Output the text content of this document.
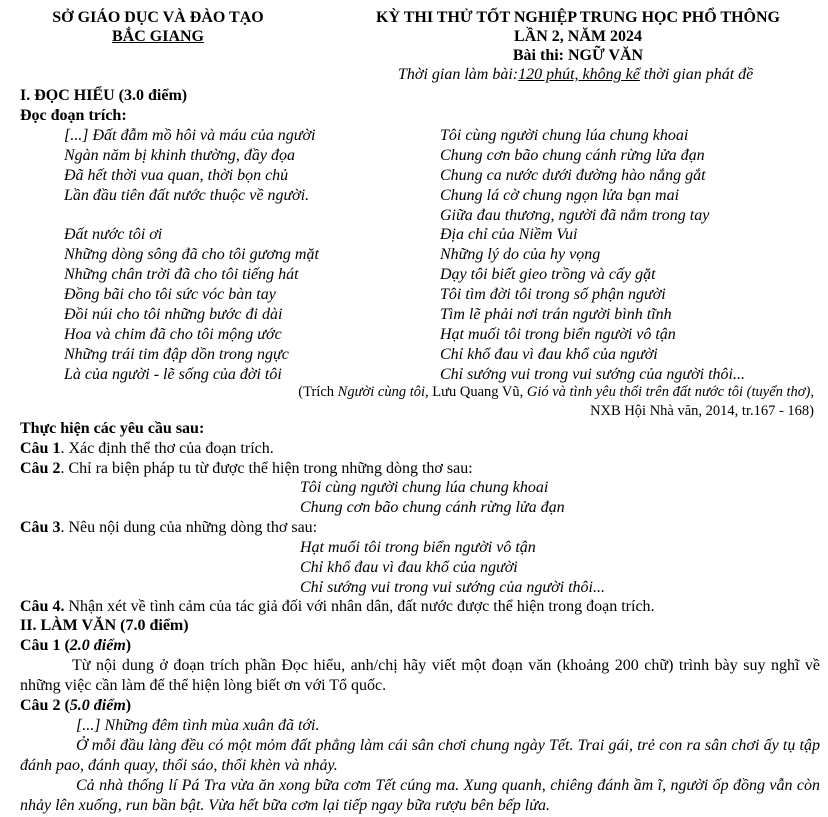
SỞ GIÁO DỤC VÀ ĐÀO TẠO
BẮC GIANG
KỲ THI THỬ TỐT NGHIỆP TRUNG HỌC PHỔ THÔNG
LẦN 2, NĂM 2024
Bài thi: NGỮ VĂN
Thời gian làm bài:120 phút, không kể thời gian phát đề
I. ĐỌC HIỂU (3.0 điểm)
Đọc đoạn trích:
[...] Đất đẫm mồ hôi và máu của người
Ngàn năm bị khinh thường, đầy đọa
Đã hết thời vua quan, thời bọn chủ
Lần đầu tiên đất nước thuộc về người.
Đất nước tôi ơi
Những dòng sông đã cho tôi gương mặt
Những chân trời đã cho tôi tiếng hát
Đồng bãi cho tôi sức vóc bàn tay
Đồi núi cho tôi những bước đi dài
Hoa và chim đã cho tôi mộng ước
Những trái tim đập dồn trong ngực
Là của người - lẽ sống của đời tôi
Tôi cùng người chung lúa chung khoai
Chung cơn bão chung cánh rừng lửa đạn
Chung ca nước dưới đường hào nắng gắt
Chung lá cờ chung ngọn lửa bạn mai
Giữa đau thương, người đã nắm trong tay
Địa chỉ của Niềm Vui
Những lý do của hy vọng
Dạy tôi biết gieo trồng và cấy gặt
Tôi tìm đời tôi trong số phận người
Tìm lẽ phải nơi trán người bình tĩnh
Hạt muối tôi trong biển người vô tận
Chỉ khổ đau vì đau khổ của người
Chỉ sướng vui trong vui sướng của người thôi...
(Trích Người cùng tôi, Lưu Quang Vũ, Gió và tình yêu thổi trên đất nước tôi (tuyển thơ),
NXB Hội Nhà văn, 2014, tr.167 - 168)
Thực hiện các yêu cầu sau:
Câu 1. Xác định thể thơ của đoạn trích.
Câu 2. Chỉ ra biện pháp tu từ được thể hiện trong những dòng thơ sau:
Tôi cùng người chung lúa chung khoai
Chung cơn bão chung cánh rừng lửa đạn
Câu 3. Nêu nội dung của những dòng thơ sau:
Hạt muối tôi trong biển người vô tận
Chỉ khổ đau vì đau khổ của người
Chỉ sướng vui trong vui sướng của người thôi...
Câu 4. Nhận xét về tình cảm của tác giả đối với nhân dân, đất nước được thể hiện trong đoạn trích.
II. LÀM VĂN (7.0 điểm)
Câu 1 (2.0 điểm)
Từ nội dung ở đoạn trích phần Đọc hiểu, anh/chị hãy viết một đoạn văn (khoảng 200 chữ) trình bày suy nghĩ về những việc cần làm để thể hiện lòng biết ơn với Tổ quốc.
Câu 2 (5.0 điểm)
[...] Những đêm tình mùa xuân đã tới.
Ở mỗi đầu làng đều có một mỏm đất phẳng làm cái sân chơi chung ngày Tết. Trai gái, trẻ con ra sân chơi ấy tụ tập đánh pao, đánh quay, thổi sáo, thổi khèn và nhảy.
Cả nhà thống lí Pá Tra vừa ăn xong bữa cơm Tết cúng ma. Xung quanh, chiêng đánh ầm ĩ, người ốp đồng vẫn còn nhảy lên xuống, run bần bật. Vừa hết bữa cơm lại tiếp ngay bữa rượu bên bếp lửa.
